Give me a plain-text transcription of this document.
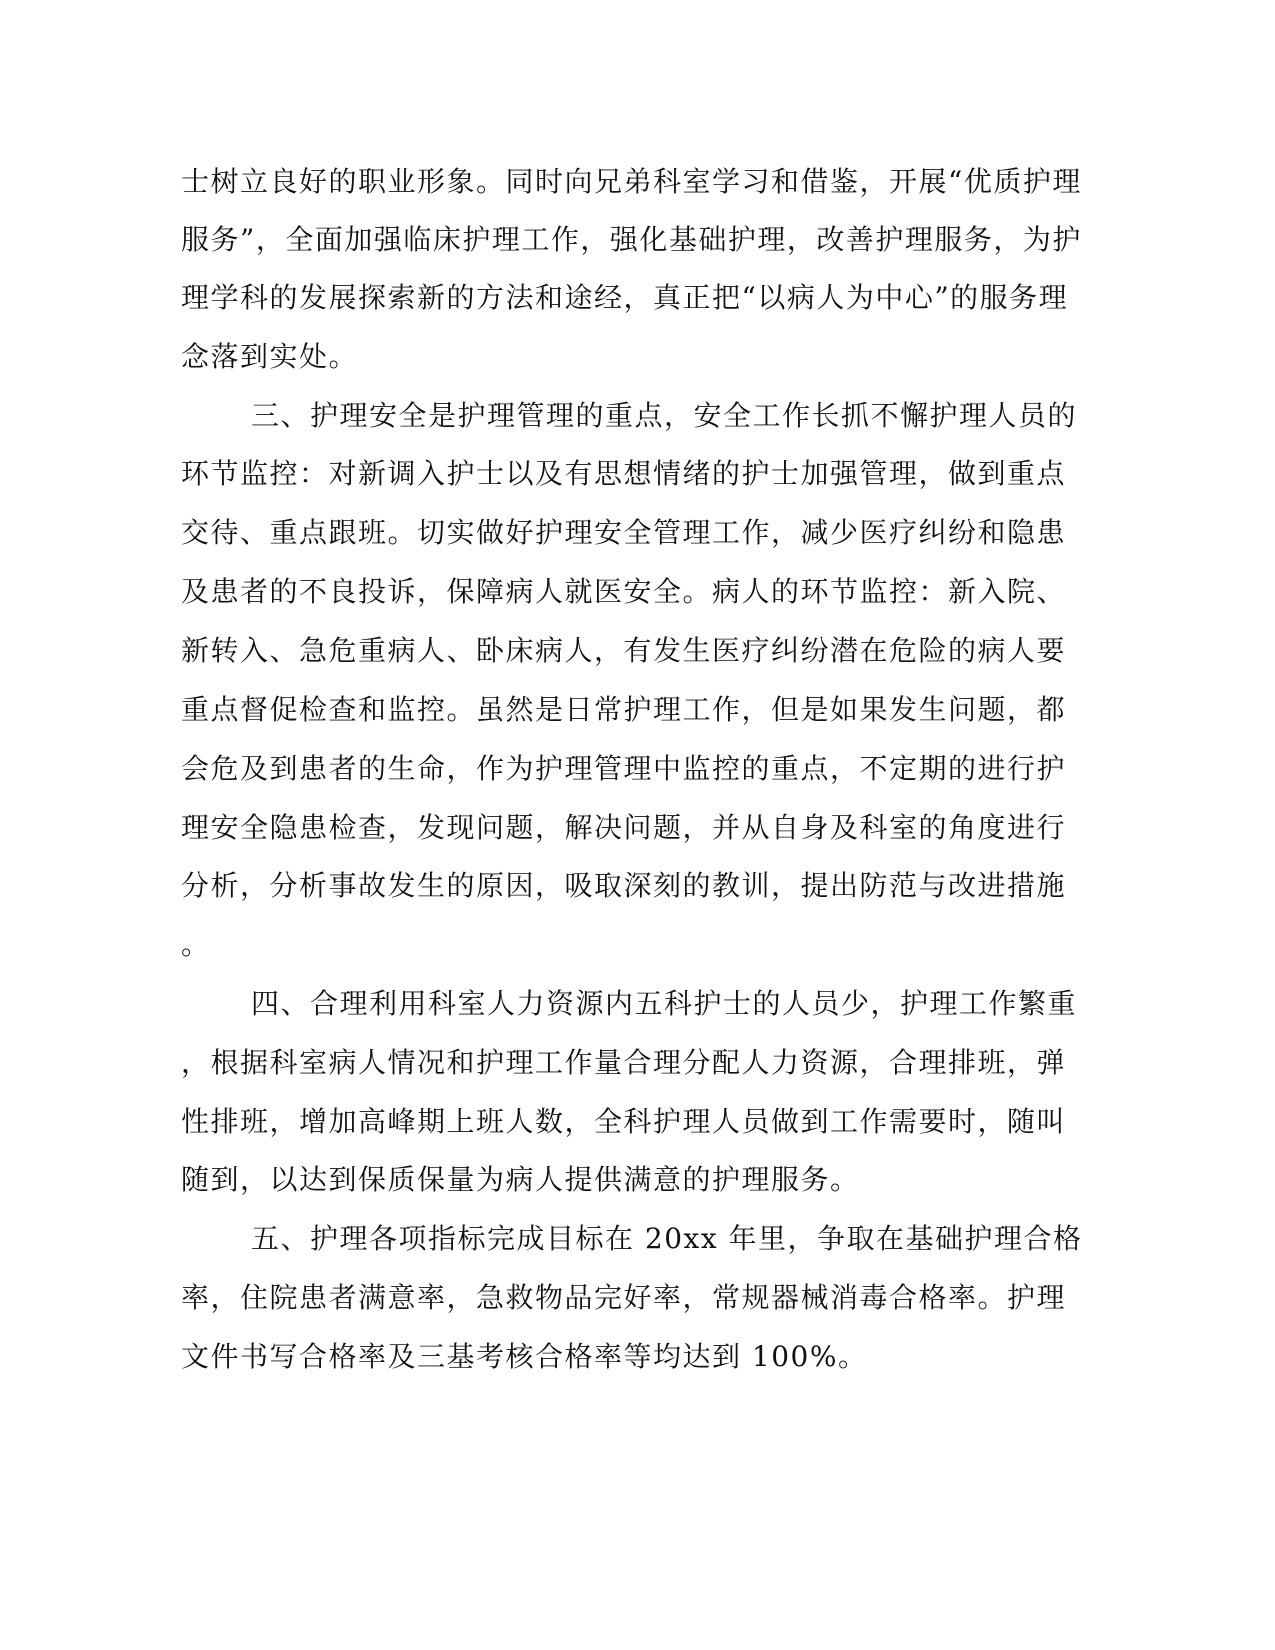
士树立良好的职业形象。同时向兄弟科室学习和借鉴，开展“优质护理
服务”，全面加强临床护理工作，强化基础护理，改善护理服务，为护
理学科的发展探索新的方法和途经，真正把“以病人为中心”的服务理
念落到实处。
三、护理安全是护理管理的重点，安全工作长抓不懈护理人员的
环节监控：对新调入护士以及有思想情绪的护士加强管理，做到重点
交待、重点跟班。切实做好护理安全管理工作，减少医疗纠纷和隐患
及患者的不良投诉，保障病人就医安全。病人的环节监控：新入院、
新转入、急危重病人、卧床病人，有发生医疗纠纷潜在危险的病人要
重点督促检查和监控。虽然是日常护理工作，但是如果发生问题，都
会危及到患者的生命，作为护理管理中监控的重点，不定期的进行护
理安全隐患检查，发现问题，解决问题，并从自身及科室的角度进行
分析，分析事故发生的原因，吸取深刻的教训，提出防范与改进措施
。
四、合理利用科室人力资源内五科护士的人员少，护理工作繁重
，根据科室病人情况和护理工作量合理分配人力资源，合理排班，弹
性排班，增加高峰期上班人数，全科护理人员做到工作需要时，随叫
随到，以达到保质保量为病人提供满意的护理服务。
五、护理各项指标完成目标在 20xx 年里，争取在基础护理合格
率，住院患者满意率，急救物品完好率，常规器械消毒合格率。护理
文件书写合格率及三基考核合格率等均达到 100%。
